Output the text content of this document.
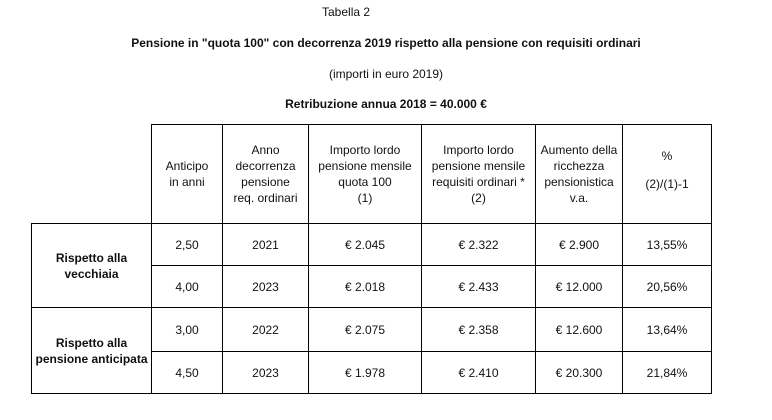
Tabella 2
Pensione in "quota 100" con decorrenza 2019 rispetto alla pensione con requisiti ordinari
(importi in euro 2019)
Retribuzione annua 2018 = 40.000 €

	Anticipo
in anni	Anno
decorrenza
pensione
req. ordinari	Importo lordo
pensione mensile
quota 100
(1)	Importo lordo
pensione mensile
requisiti ordinari *
(2)	Aumento della
ricchezza
pensionistica
v.a.	%
(2)/(1)-1

Rispetto alla
vecchiaia	2,50	2021	€ 2.045	€ 2.322	€ 2.900	13,55%
	4,00	2023	€ 2.018	€ 2.433	€ 12.000	20,56%

Rispetto alla
pensione anticipata	3,00	2022	€ 2.075	€ 2.358	€ 12.600	13,64%
	4,50	2023	€ 1.978	€ 2.410	€ 20.300	21,84%
